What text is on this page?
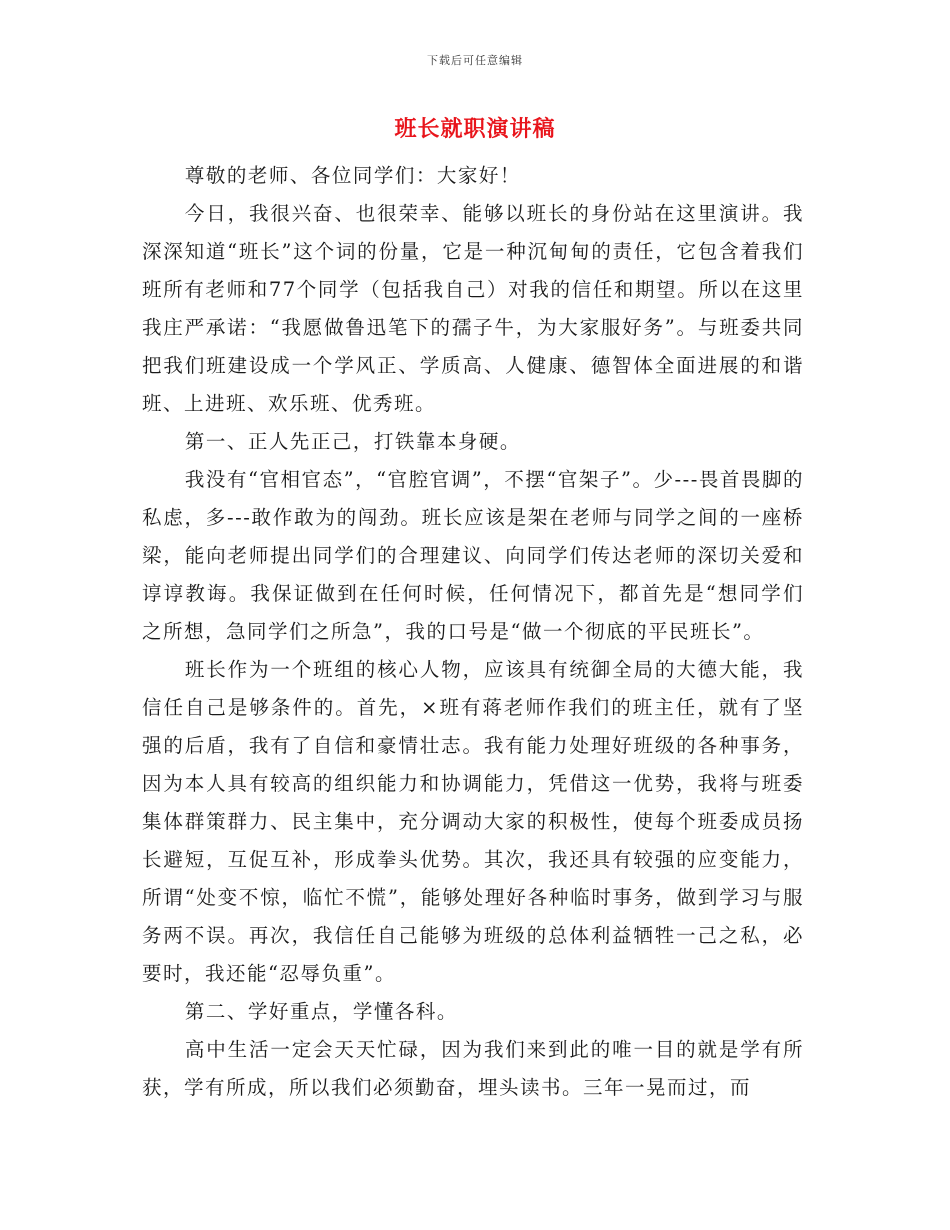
下载后可任意编辑
班长就职演讲稿

尊敬的老师、各位同学们：大家好！

今日，我很兴奋、也很荣幸、能够以班长的身份站在这里演讲。我深深知道“班长”这个词的份量，它是一种沉甸甸的责任，它包含着我们 班所有老师和77个同学（包括我自己）对我的信任和期望。所以在这里我庄严承诺：“我愿做鲁迅笔下的孺子牛，为大家服好务”。与班委共同把我们班建设成一个学风正、学质高、人健康、德智体全面进展的和谐班、上进班、欢乐班、优秀班。

第一、正人先正己，打铁靠本身硬。

我没有“官相官态”，“官腔官调”，不摆“官架子”。少---畏首畏脚的私虑，多---敢作敢为的闯劲。班长应该是架在老师与同学之间的一座桥梁，能向老师提出同学们的合理建议、向同学们传达老师的深切关爱和谆谆教诲。我保证做到在任何时候，任何情况下，都首先是“想同学们之所想，急同学们之所急”，我的口号是“做一个彻底的平民班长”。

班长作为一个班组的核心人物，应该具有统御全局的大德大能，我信任自己是够条件的。首先，×班有蒋老师作我们的班主任，就有了坚强的后盾，我有了自信和豪情壮志。我有能力处理好班级的各种事务，因为本人具有较高的组织能力和协调能力，凭借这一优势，我将与班委集体群策群力、民主集中，充分调动大家的积极性，使每个班委成员扬长避短，互促互补，形成拳头优势。其次，我还具有较强的应变能力，所谓“处变不惊，临忙不慌”，能够处理好各种临时事务，做到学习与服务两不误。再次，我信任自己能够为班级的总体利益牺牲一己之私，必要时，我还能“忍辱负重”。

第二、学好重点，学懂各科。

高中生活一定会天天忙碌，因为我们来到此的唯一目的就是学有所获，学有所成，所以我们必须勤奋，埋头读书。三年一晃而过，而
